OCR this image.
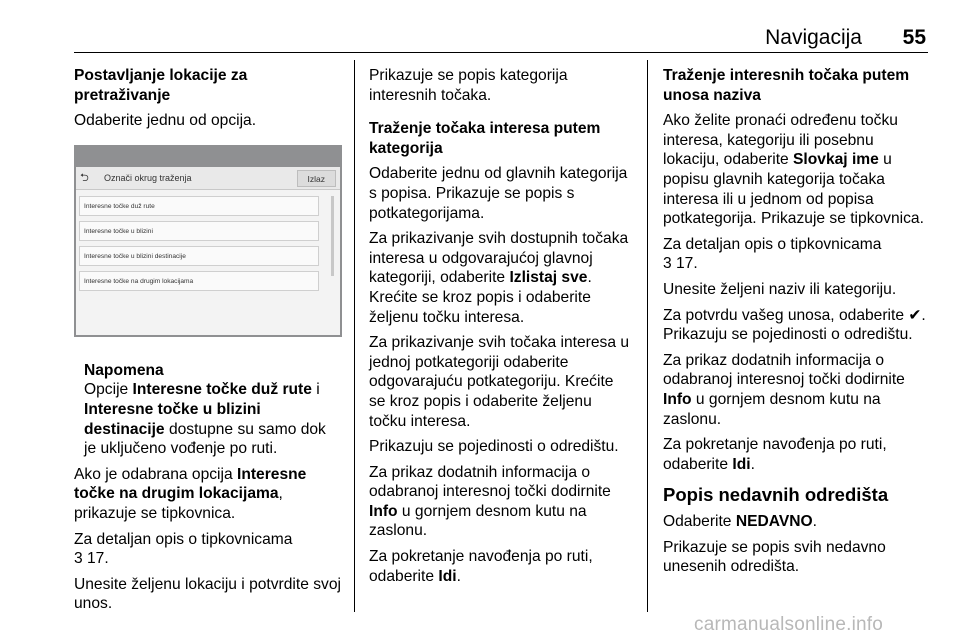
Navigacija 55

Postavljanje lokacije za pretraživanje

Odaberite jednu od opcija.

⮌	Označi okrug traženja	Izlaz
Interesne točke duž rute
Interesne točke u blizini
Interesne točke u blizini destinacije
Interesne točke na drugim lokacijama

Napomena

Opcije Interesne točke duž rute i Interesne točke u blizini destinacije dostupne su samo dok je uključeno vođenje po ruti.

Ako je odabrana opcija Interesne točke na drugim lokacijama, prikazuje se tipkovnica.

Za detaljan opis o tipkovnicama
3 17.

Unesite željenu lokaciju i potvrdite svoj unos.

Prikazuje se popis kategorija interesnih točaka.

Traženje točaka interesa putem kategorija

Odaberite jednu od glavnih kategorija s popisa. Prikazuje se popis s potkategorijama.

Za prikazivanje svih dostupnih točaka interesa u odgovarajućoj glavnoj kategoriji, odaberite Izlistaj sve. Krećite se kroz popis i odaberite željenu točku interesa.

Za prikazivanje svih točaka interesa u jednoj potkategoriji odaberite odgovarajuću potkategoriju. Krećite se kroz popis i odaberite željenu točku interesa.

Prikazuju se pojedinosti o odredištu.

Za prikaz dodatnih informacija o odabranoj interesnoj točki dodirnite Info u gornjem desnom kutu na zaslonu.

Za pokretanje navođenja po ruti, odaberite Idi.

Traženje interesnih točaka putem unosa naziva

Ako želite pronaći određenu točku interesa, kategoriju ili posebnu lokaciju, odaberite Slovkaj ime u popisu glavnih kategorija točaka interesa ili u jednom od popisa potkategorija. Prikazuje se tipkovnica.

Za detaljan opis o tipkovnicama
3 17.

Unesite željeni naziv ili kategoriju.

Za potvrdu vašeg unosa, odaberite ✔. Prikazuju se pojedinosti o odredištu.

Za prikaz dodatnih informacija o odabranoj interesnoj točki dodirnite Info u gornjem desnom kutu na zaslonu.

Za pokretanje navođenja po ruti, odaberite Idi.

Popis nedavnih odredišta

Odaberite NEDAVNO.

Prikazuje se popis svih nedavno unesenih odredišta.

carmanualsonline.info
